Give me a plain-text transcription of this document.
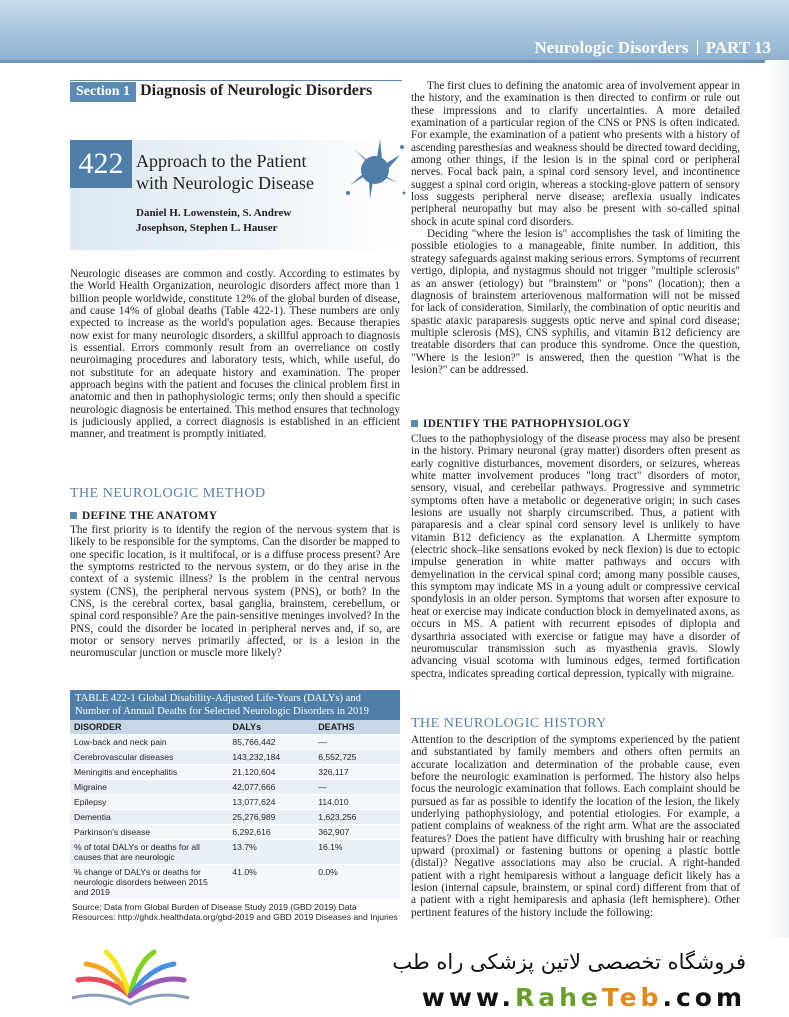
Neurologic Disorders PART 13
Section 1 Diagnosis of Neurologic Disorders
422 Approach to the Patient
with Neurologic Disease
Daniel H. Lowenstein, S. Andrew
Josephson, Stephen L. Hauser

Neurologic diseases are common and costly. According to estimates by the World Health Organization, neurologic disorders affect more than 1 billion people worldwide, constitute 12% of the global burden of disease, and cause 14% of global deaths (Table 422-1). These numbers are only expected to increase as the world's population ages. Because therapies now exist for many neurologic disorders, a skillful approach to diagnosis is essential. Errors commonly result from an overreliance on costly neuroimaging procedures and laboratory tests, which, while useful, do not substitute for an adequate history and examination. The proper approach begins with the patient and focuses the clinical problem first in anatomic and then in pathophysiologic terms; only then should a specific neurologic diagnosis be entertained. This method ensures that technology is judiciously applied, a correct diagnosis is established in an efficient manner, and treatment is promptly initiated.

THE NEUROLOGIC METHOD
DEFINE THE ANATOMY

The first priority is to identify the region of the nervous system that is likely to be responsible for the symptoms. Can the disorder be mapped to one specific location, is it multifocal, or is a diffuse process present? Are the symptoms restricted to the nervous system, or do they arise in the context of a systemic illness? Is the problem in the central nervous system (CNS), the peripheral nervous system (PNS), or both? In the CNS, is the cerebral cortex, basal ganglia, brainstem, cerebellum, or spinal cord responsible? Are the pain-sensitive meninges involved? In the PNS, could the disorder be located in peripheral nerves and, if so, are motor or sensory nerves primarily affected, or is a lesion in the neuromuscular junction or muscle more likely?

TABLE 422-1 Global Disability-Adjusted Life-Years (DALYs) and Number of Annual Deaths for Selected Neurologic Disorders in 2019
DISORDER	DALYs	DEATHS
Low-back and neck pain	85,766,442	—
Cerebrovascular diseases	143,232,184	6,552,725
Meningitis and encephalitis	21,120,604	326,117
Migraine	42,077,666	—
Epilepsy	13,077,624	114,010
Dementia	25,276,989	1,623,256
Parkinson's disease	6,292,616	362,907
% of total DALYs or deaths for all causes that are neurologic	13.7%	16.1%
% change of DALYs or deaths for neurologic disorders between 2015 and 2019	41.0%	0.0%
Source: Data from Global Burden of Disease Study 2019 (GBD 2019) Data Resources: http://ghdx.healthdata.org/gbd-2019 and GBD 2019 Diseases and Injuries

The first clues to defining the anatomic area of involvement appear in the history, and the examination is then directed to confirm or rule out these impressions and to clarify uncertainties. A more detailed examination of a particular region of the CNS or PNS is often indicated. For example, the examination of a patient who presents with a history of ascending paresthesias and weakness should be directed toward deciding, among other things, if the lesion is in the spinal cord or peripheral nerves. Focal back pain, a spinal cord sensory level, and incontinence suggest a spinal cord origin, whereas a stocking-glove pattern of sensory loss suggests peripheral nerve disease; areflexia usually indicates peripheral neuropathy but may also be present with so-called spinal shock in acute spinal cord disorders.

Deciding "where the lesion is" accomplishes the task of limiting the possible etiologies to a manageable, finite number. In addition, this strategy safeguards against making serious errors. Symptoms of recurrent vertigo, diplopia, and nystagmus should not trigger "multiple sclerosis" as an answer (etiology) but "brainstem" or "pons" (location); then a diagnosis of brainstem arteriovenous malformation will not be missed for lack of consideration. Similarly, the combination of optic neuritis and spastic ataxic paraparesis suggests optic nerve and spinal cord disease; multiple sclerosis (MS), CNS syphilis, and vitamin B12 deficiency are treatable disorders that can produce this syndrome. Once the question, "Where is the lesion?" is answered, then the question "What is the lesion?" can be addressed.

IDENTIFY THE PATHOPHYSIOLOGY

Clues to the pathophysiology of the disease process may also be present in the history. Primary neuronal (gray matter) disorders often present as early cognitive disturbances, movement disorders, or seizures, whereas white matter involvement produces "long tract" disorders of motor, sensory, visual, and cerebellar pathways. Progressive and symmetric symptoms often have a metabolic or degenerative origin; in such cases lesions are usually not sharply circumscribed. Thus, a patient with paraparesis and a clear spinal cord sensory level is unlikely to have vitamin B12 deficiency as the explanation. A Lhermitte symptom (electric shock–like sensations evoked by neck flexion) is due to ectopic impulse generation in white matter pathways and occurs with demyelination in the cervical spinal cord; among many possible causes, this symptom may indicate MS in a young adult or compressive cervical spondylosis in an older person. Symptoms that worsen after exposure to heat or exercise may indicate conduction block in demyelinated axons, as occurs in MS. A patient with recurrent episodes of diplopia and dysarthria associated with exercise or fatigue may have a disorder of neuromuscular transmission such as myasthenia gravis. Slowly advancing visual scotoma with luminous edges, termed fortification spectra, indicates spreading cortical depression, typically with migraine.

THE NEUROLOGIC HISTORY

Attention to the description of the symptoms experienced by the patient and substantiated by family members and others often permits an accurate localization and determination of the probable cause, even before the neurologic examination is performed. The history also helps focus the neurologic examination that follows. Each complaint should be pursued as far as possible to identify the location of the lesion, the likely underlying pathophysiology, and potential etiologies. For example, a patient complains of weakness of the right arm. What are the associated features? Does the patient have difficulty with brushing hair or reaching upward (proximal) or fastening buttons or opening a plastic bottle (distal)? Negative associations may also be crucial. A right-handed patient with a right hemiparesis without a language deficit likely has a lesion (internal capsule, brainstem, or spinal cord) different from that of a patient with a right hemiparesis and aphasia (left hemisphere). Other pertinent features of the history include the following:

فروشگاه تخصصی لاتین پزشکی راه طب
www.RaheTeb.com
